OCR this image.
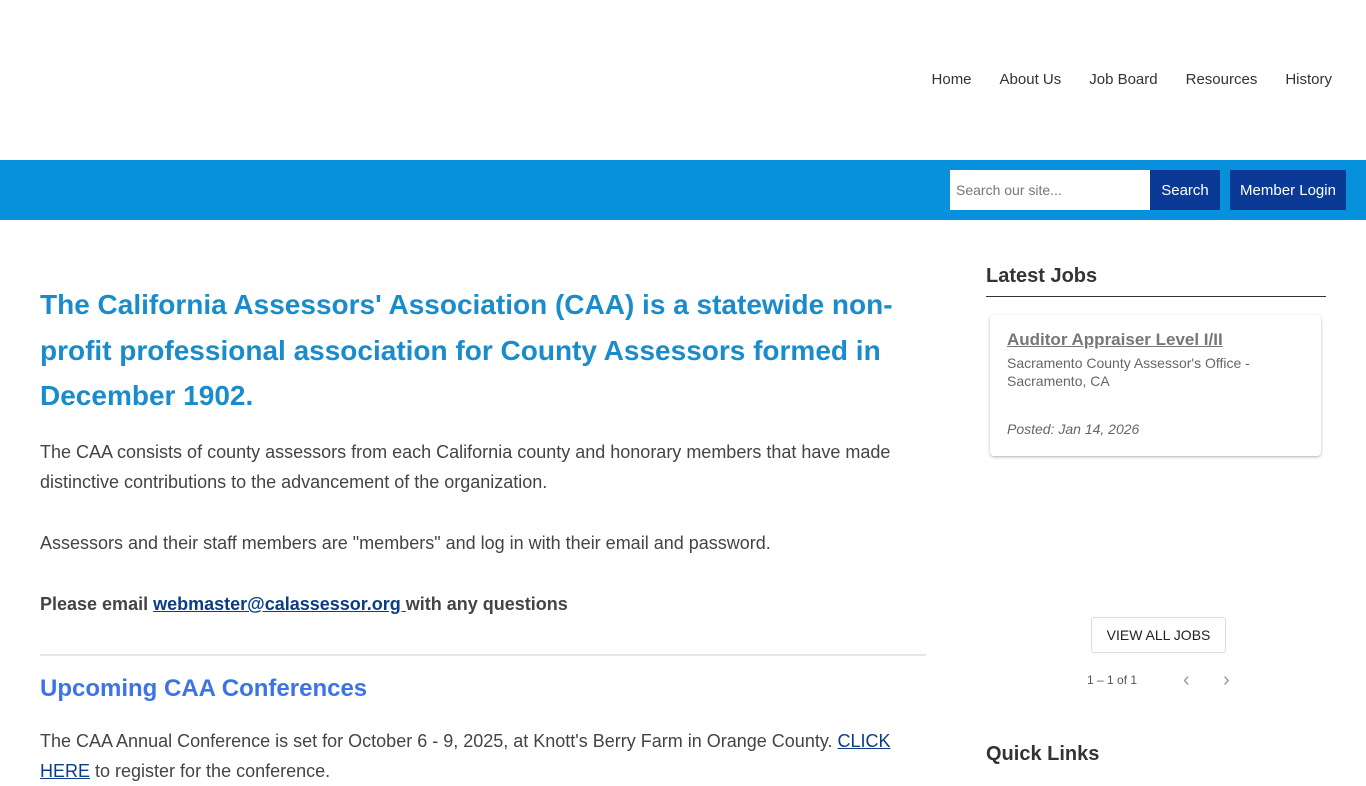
Home About Us Job Board Resources History
Search our site...
Search	Member Login
The California Assessors' Association (CAA) is a statewide non-profit professional association for County Assessors formed in December 1902.

The CAA consists of county assessors from each California county and honorary members that have made distinctive contributions to the advancement of the organization.

Assessors and their staff members are "members" and log in with their email and password.

Please email webmaster@calassessor.org with any questions

Upcoming CAA Conferences

The CAA Annual Conference is set for October 6 - 9, 2025, at Knott's Berry Farm in Orange County. CLICK HERE to register for the conference.

Latest Jobs
Auditor Appraiser Level I/II
Sacramento County Assessor's Office - Sacramento, CA
Posted: Jan 14, 2026
VIEW ALL JOBS
1 – 1 of 1 ‹ ›
Quick Links
